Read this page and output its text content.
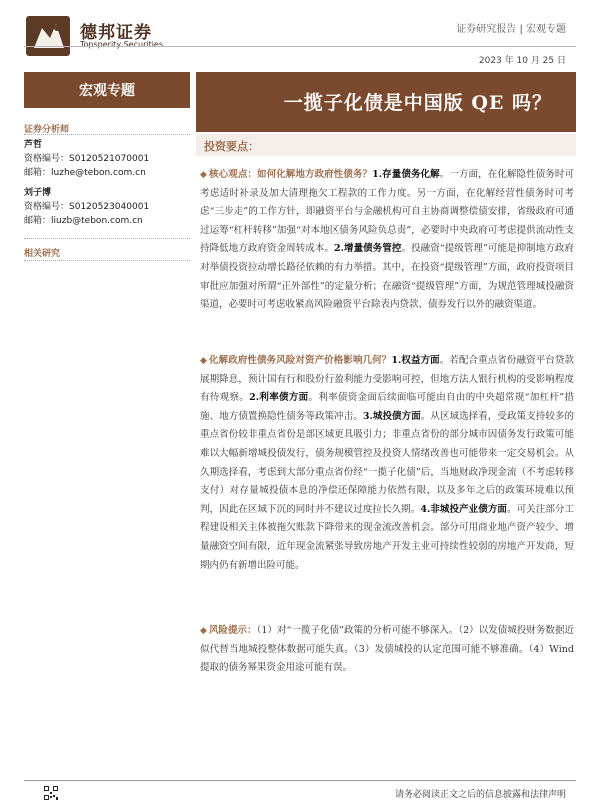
德邦证券
Topsperity Securities
证券研究报告 | 宏观专题
2023 年 10 月 25 日
宏观专题
一揽子化债是中国版 QE 吗？
证券分析师
芦哲
资格编号：S0120521070001
邮箱：luzhe@tebon.com.cn
刘子博
资格编号：S0120523040001
邮箱：liuzb@tebon.com.cn
相关研究
投资要点：
◆ 核心观点：如何化解地方政府性债务？1.存量债务化解。一方面，在化解隐性债务时可考虑适时补录及加大清理拖欠工程款的工作力度。另一方面，在化解经营性债务时可考虑“三步走”的工作方针，即融资平台与金融机构可自主协商调整偿债安排，省级政府可通过运筹“杠杆转移”加强“对本地区债务风险负总责”，必要时中央政府可考虑提供流动性支持降低地方政府资金周转成本。2.增量债务管控。投融资“提级管理”可能是抑制地方政府对举债投资拉动增长路径依赖的有力举措。其中，在投资“提级管理”方面，政府投资项目审批应加强对所谓“正外部性”的定量分析；在融资“提级管理”方面，为规范管理城投融资渠道，必要时可考虑收紧高风险融资平台除表内贷款、债券发行以外的融资渠道。
◆ 化解政府性债务风险对资产价格影响几何？1.权益方面。若配合重点省份融资平台贷款展期降息，预计国有行和股份行盈利能力受影响可控，但地方法人银行机构的受影响程度有待观察。2.利率债方面。利率债资金面后续面临可能由自由的中央超常规“加杠杆”措施、地方债置换隐性债务等政策冲击。3.城投债方面。从区域选择看，受政策支持较多的重点省份较非重点省份是部区域更具吸引力；非重点省份的部分城市因债务发行政策可能难以大幅新增城投债发行，债务规模管控及投资人情绪改善也可能带来一定交易机会。从久期选择看，考虑到大部分重点省份经“一揽子化债”后，当地财政净现金流（不考虑转移支付）对存量城投债本息的净偿还保障能力依然有限，以及多年之后的政策环境难以预判，因此在区域下沉的同时并不建议过度拉长久期。4.非城投产业债方面。可关注部分工程建设相关主体被拖欠账款下降带来的现金流改善机会。部分可用商业地产资产较少、增量融资空间有限，近年现金流紧张导致房地产开发主业可持续性较弱的房地产开发商，短期内仍有新增出险可能。
◆ 风险提示：（1）对“一揽子化债”政策的分析可能不够深入。（2）以发债城投财务数据近似代替当地城投整体数据可能失真。（3）发债城投的认定范围可能不够准确。（4）Wind 提取的债务幂果资金用途可能有误。
请务必阅读正文之后的信息披露和法律声明
